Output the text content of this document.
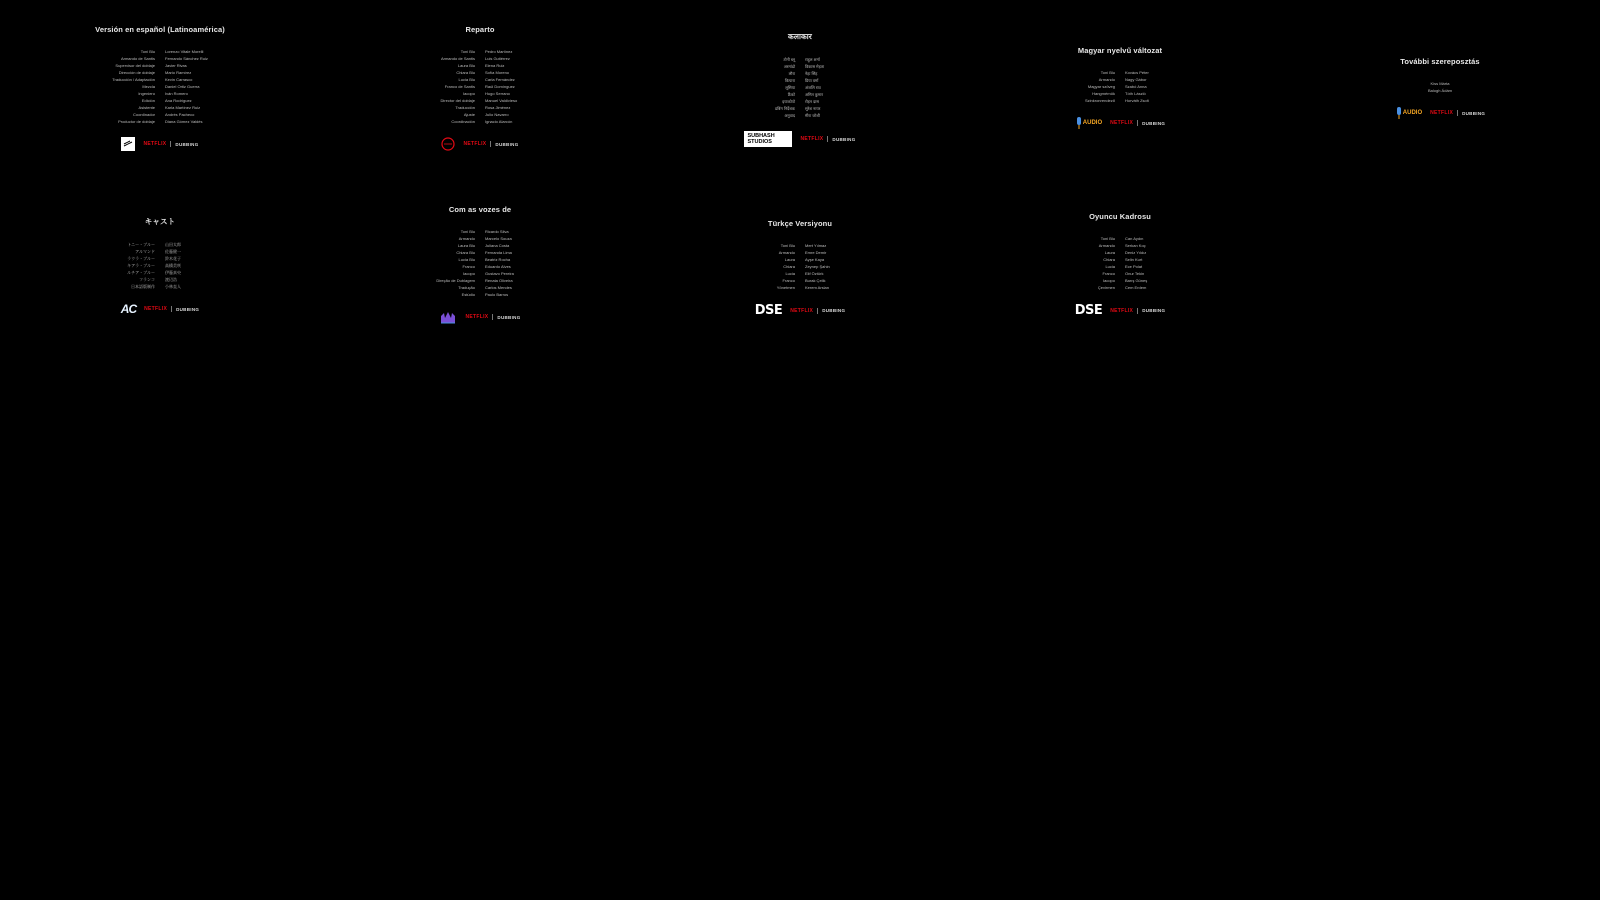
Versión en español (Latinoamérica)
Toni Blu	Lorenzo Vitale Morelli
Armando de Santis	Fernando Sánchez Ruiz
Supervisor del doblaje	Javier Rivas
Dirección de doblaje	Mario Ramírez
Traducción / Adaptación	Kevin Carrasco
Mezcla	Daniel Ortiz Guerra
Ingeniero	Iván Romero
Edición	Ana Rodríguez
Asistente	Karla Martínez Ruiz
Coordinador	Andrés Pacheco
Productor de doblaje	Diana Gómez Valdés
NETFLIX DUBBING
Reparto
Toni Blu	Pedro Martínez
Armando de Santis	Luis Gutiérrez
Laura Blu	Elena Ruiz
Chiara Blu	Sofía Moreno
Lucia Blu	Carla Fernández
Franco de Santis	Raúl Domínguez
Iacopo	Hugo Serrano
Director del doblaje	Manuel Valdivieso
Traducción	Rosa Jiménez
Ajuste	Julio Navarro
Coordinación	Ignacio Alarcón
NETFLIX DUBBING
कलाकार
टोनी ब्लू	राहुल शर्मा
अरमांडो	विकास मेहता
लौरा	नेहा सिंह
कियारा	प्रिया वर्मा
लूसिया	अंजलि राव
फ्रैंको	अमित कुमार
इयाकोपो	रोहन दास
डबिंग निर्देशक	सुरेश नायर
अनुवाद	मीरा जोशी
SUBHASH STUDIOS	NETFLIX DUBBING
Magyar nyelvű változat
Toni Blu	Kovács Péter
Armando	Nagy Gábor
Magyar szöveg	Szabó Anna
Hangmérnök	Tóth László
Szinkronrendező	Horváth Zsolt
AUDIO NETFLIX DUBBING
További szereposztás
Kiss Márta
Balogh Ádám
AUDIO NETFLIX DUBBING
キャスト
トニー・ブルー	山田太郎
アルマンド	佐藤健一
ラウラ・ブルー	鈴木花子
キアラ・ブルー	高橋美咲
ルチア・ブルー	伊藤真央
フランコ	渡辺浩
日本語版制作	小林直人
AC NETFLIX DUBBING
Com as vozes de
Toni Blu	Ricardo Silva
Armando	Marcelo Souza
Laura Blu	Juliana Costa
Chiara Blu	Fernanda Lima
Lucia Blu	Beatriz Rocha
Franco	Eduardo Alves
Iacopo	Gustavo Pereira
Direção de Dublagem	Renata Oliveira
Tradução	Carlos Mendes
Estúdio	Paulo Barros
NETFLIX DUBBING
Türkçe Versiyonu
Toni Blu	Mert Yılmaz
Armando	Emre Demir
Laura	Ayşe Kaya
Chiara	Zeynep Şahin
Lucia	Elif Öztürk
Franco	Burak Çelik
Yönetmen	Kerem Arslan
DSE NETFLIX DUBBING
Oyuncu Kadrosu
Toni Blu	Can Aydın
Armando	Serkan Koç
Laura	Deniz Yıldız
Chiara	Selin Kurt
Lucia	Ece Polat
Franco	Onur Tekin
Iacopo	Barış Güneş
Çevirmen	Cem Erdem
DSE NETFLIX DUBBING
